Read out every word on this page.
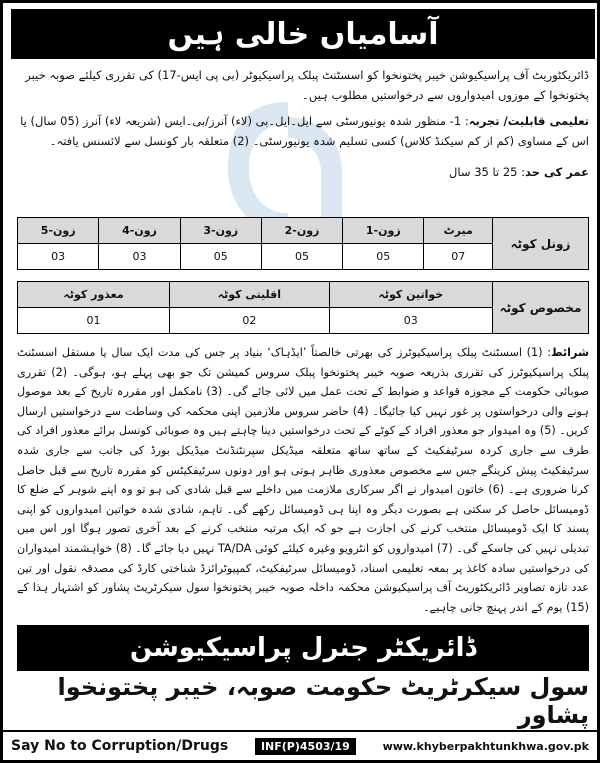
آسامیاں خالی ہیں
ڈائریکٹوریٹ آف پراسیکیوشن خیبر پختونخوا کو اسسٹنٹ پبلک پراسیکیوٹر (بی پی ایس-17) کی تقرری کیلئے صوبہ خیبر پختونخوا کے موزوں امیدواروں سے درخواستیں مطلوب ہیں۔
تعلیمی قابلیت/ تجربہ: 1- منظور شدہ یونیورسٹی سے ایل۔ایل۔بی (لاء) آنرز/بی۔ایس (شریعہ لاء) آنرز (05 سال) یا اس کے مساوی (کم از کم سیکنڈ کلاس) کسی تسلیم شدہ یونیورسٹی۔ (2) متعلقہ بار کونسل سے لائسنس یافتہ۔
عمر کی حد: 25 تا 35 سال
زونل کوٹہ	میرٹ	زون-1	زون-2	زون-3	زون-4	زون-5
	07	05	05	05	03	03
مخصوص کوٹہ	خواتین کوٹہ	اقلیتی کوٹہ	معذور کوٹہ
	03	02	01
شرائط: (1) اسسٹنٹ پبلک پراسیکیوٹرز کی بھرتی خالصتاً ’ایڈہاک‘ بنیاد پر جس کی مدت ایک سال یا مستقل اسسٹنٹ پبلک پراسیکیوٹرز کی تقرری بذریعہ صوبہ خیبر پختونخوا پبلک سروس کمیشن تک جو بھی پہلے ہو، ہوگی۔ (2) تقرری صوبائی حکومت کے مجوزہ قواعد و ضوابط کے تحت عمل میں لائی جائے گی۔ (3) نامکمل اور مقررہ تاریخ کے بعد موصول ہونے والی درخواستوں پر غور نہیں کیا جائیگا۔ (4) حاضر سروس ملازمین اپنی محکمہ کی وساطت سے درخواستیں ارسال کریں۔ (5) وہ امیدوار جو معذور افراد کے کوٹے کے تحت درخواستیں دینا چاہتے ہیں وہ صوبائی کونسل برائے معذور افراد کی طرف سے جاری کردہ سرٹیفکیٹ کے ساتھ ساتھ متعلقہ میڈیکل سپرنٹنڈنٹ میڈیکل بورڈ کی جانب سے جاری شدہ سرٹیفکیٹ پیش کرینگے جس سے مخصوص معذوری ظاہر ہوتی ہو اور دونوں سرٹیفکیٹس کو مقررہ تاریخ سے قبل حاصل کرنا ضروری ہے۔ (6) خاتون امیدوار نے اگر سرکاری ملازمت میں داخلے سے قبل شادی کی ہو تو وہ اپنے شوہر کے ضلع کا ڈومیسائل حاصل کر سکتی ہے بصورت دیگر وہ اپنا ہی ڈومیسائل رکھے گی۔ تاہم، شادی شدہ خواتین امیدواروں کو اپنی پسند کا ایک ڈومیسائل منتخب کرنے کی اجازت ہے جو کہ ایک مرتبہ منتخب کرنے کے بعد آخری تصور ہوگا اور اس میں تبدیلی نہیں کی جاسکے گی۔ (7) امیدواروں کو انٹرویو وغیرہ کیلئے کوئی TA/DA نہیں دیا جائے گا۔ (8) خواہشمند امیدواران کی درخواستیں سادہ کاغذ پر بمعہ تعلیمی اسناد، ڈومیسائل سرٹیفکیٹ، کمپیوٹرائزڈ شناختی کارڈ کی مصدقہ نقول اور تین عدد تازہ تصاویر ڈائریکٹوریٹ آف پراسیکیوشن محکمہ داخلہ صوبہ خیبر پختونخوا سول سیکرٹریٹ پشاور کو اشتہار ہذا کے (15) یوم کے اندر پہنچ جانی چاہیے۔
ڈائریکٹر جنرل پراسیکیوشن
سول سیکرٹریٹ حکومت صوبہ، خیبر پختونخوا پشاور
Say No to Corruption/Drugs	INF(P)4503/19	www.khyberpakhtunkhwa.gov.pk
